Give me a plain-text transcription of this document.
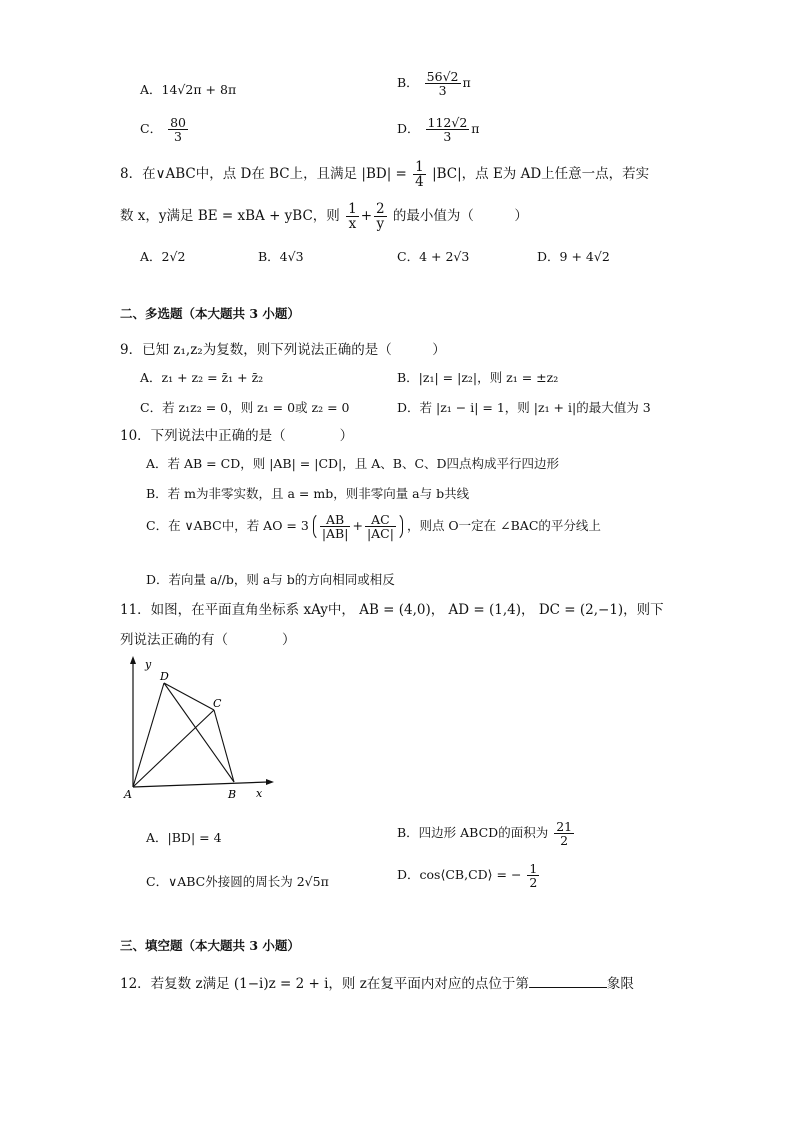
A．14√2π + 8π	B． $\frac{56√2}{3}$ π
C． $\frac{80}{3}$	D． $\frac{112√2}{3}$ π
8．在∨ABC中，点 D在 BC上，且满足 $|BD| = \frac{1}{4} |BC|$，点 E为 AD上任意一点，若实
数 x，y满足 BE = xBA + yBC，则 $\frac{1}{x} + \frac{2}{y}$ 的最小值为（　　　）
A．2√2	B．4√3	C．4 + 2√3	D．9 + 4√2
二、多选题（本大题共 3 小题）
9．已知 z₁,z₂为复数，则下列说法正确的是（　　　）
A．z₁ + z₂ = z̄₁ + z̄₂	B．|z₁| = |z₂|，则 z₁ = ±z₂
C．若 z₁z₂ = 0，则 z₁ = 0或 z₂ = 0	D．若 |z₁ − i| = 1，则 |z₁ + i|的最大值为 3
10．下列说法中正确的是（　　　　）
A．若 AB = CD，则 |AB| = |CD|，且 A、B、C、D四点构成平行四边形
B．若 m为非零实数，且 a = mb，则非零向量 a与 b共线
C．在 ∨ABC中，若 AO = $3 \frac{AB}{|AB|} + \frac{AC}{|AC|}$ ，则点 O一定在 ∠BAC的平分线上
D．若向量 a//b，则 a与 b的方向相同或相反
11．如图，在平面直角坐标系 xAy中， AB = (4,0)， AD = (1,4)， DC = (2,−1)，则下
列说法正确的有（　　　　）
y
x
A	B
C
D
A．|BD| = 4	B．四边形 ABCD的面积为 $\frac{21}{2}$
C．∨ABC外接圆的周长为 2√5π	D．cos⟨CB,CD⟩ = − $\frac{1}{2}$
三、填空题（本大题共 3 小题）
12．若复数 z满足 (1−i)z = 2 + i，则 z在复平面内对应的点位于第	象限
